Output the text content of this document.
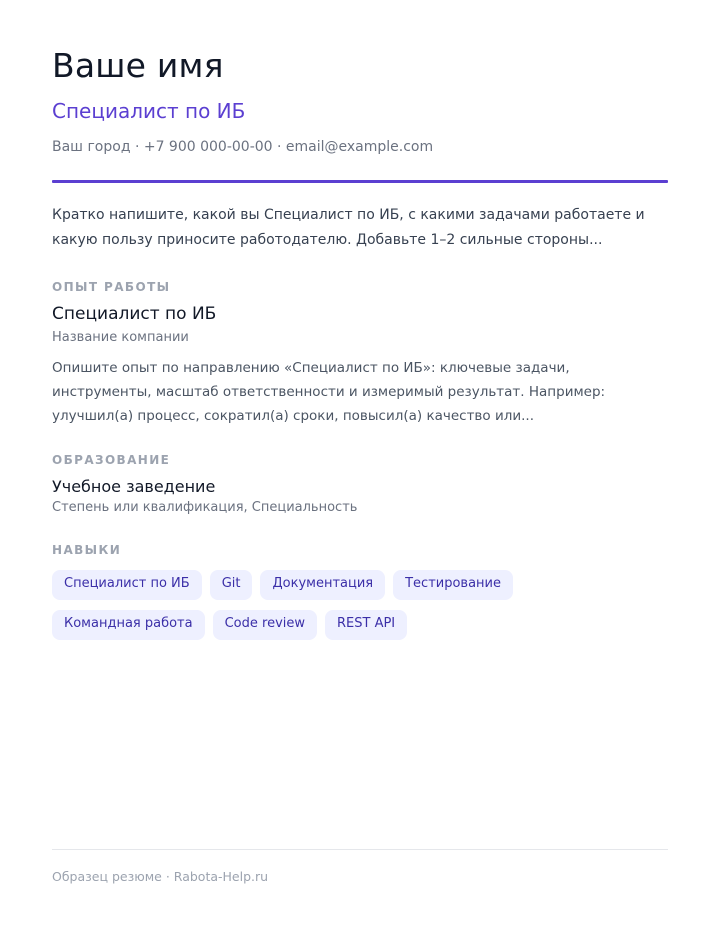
Ваше имя

Специалист по ИБ

Ваш город · +7 900 000-00-00 · email@example.com

Кратко напишите, какой вы Специалист по ИБ, с какими задачами работаете и какую пользу приносите работодателю. Добавьте 1–2 сильные стороны...

ОПЫТ РАБОТЫ

Специалист по ИБ

Название компании

Опишите опыт по направлению «Специалист по ИБ»: ключевые задачи, инструменты, масштаб ответственности и измеримый результат. Например: улучшил(а) процесс, сократил(а) сроки, повысил(а) качество или...

ОБРАЗОВАНИЕ

Учебное заведение

Степень или квалификация, Специальность

НАВЫКИ
Специалист по ИБ	Git	Документация	Тестирование
Командная работа	Code review	REST API

Образец резюме · Rabota-Help.ru
